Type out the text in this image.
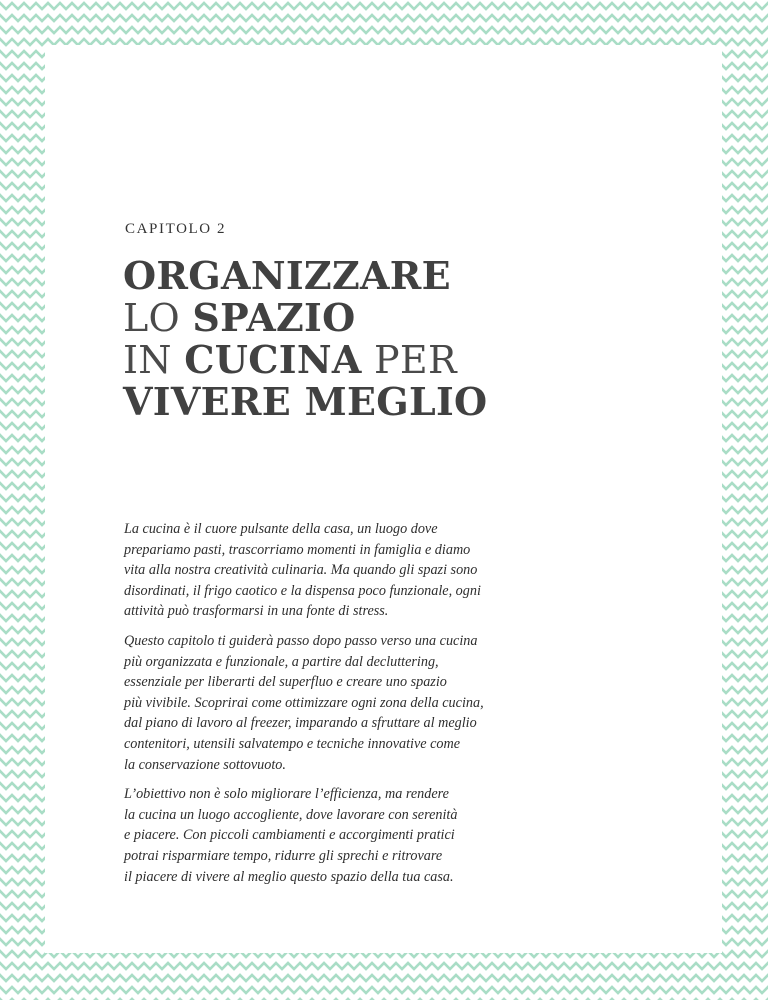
CAPITOLO 2
ORGANIZZARE
LO SPAZIO
IN CUCINA PER
VIVERE MEGLIO

La cucina è il cuore pulsante della casa, un luogo dove
prepariamo pasti, trascorriamo momenti in famiglia e diamo
vita alla nostra creatività culinaria. Ma quando gli spazi sono
disordinati, il frigo caotico e la dispensa poco funzionale, ogni
attività può trasformarsi in una fonte di stress.

Questo capitolo ti guiderà passo dopo passo verso una cucina
più organizzata e funzionale, a partire dal decluttering,
essenziale per liberarti del superfluo e creare uno spazio
più vivibile. Scoprirai come ottimizzare ogni zona della cucina,
dal piano di lavoro al freezer, imparando a sfruttare al meglio
contenitori, utensili salvatempo e tecniche innovative come
la conservazione sottovuoto.

L’obiettivo non è solo migliorare l’efficienza, ma rendere
la cucina un luogo accogliente, dove lavorare con serenità
e piacere. Con piccoli cambiamenti e accorgimenti pratici
potrai risparmiare tempo, ridurre gli sprechi e ritrovare
il piacere di vivere al meglio questo spazio della tua casa.
